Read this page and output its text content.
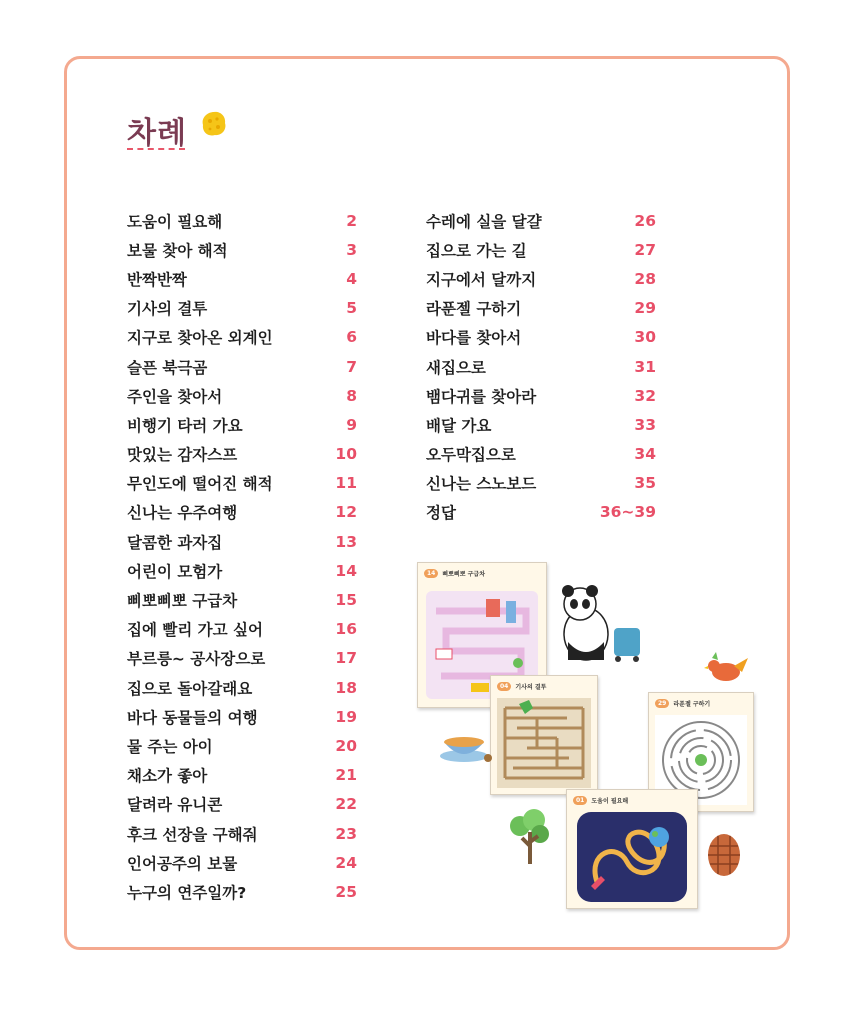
차례
도움이 필요해	2
보물 찾아 해적	3
반짝반짝	4
기사의 결투	5
지구로 찾아온 외계인	6
슬픈 북극곰	7
주인을 찾아서	8
비행기 타러 가요	9
맛있는 감자스프	10
무인도에 떨어진 해적	11
신나는 우주여행	12
달콤한 과자집	13
어린이 모험가	14
삐뽀삐뽀 구급차	15
집에 빨리 가고 싶어	16
부르릉~ 공사장으로	17
집으로 돌아갈래요	18
바다 동물들의 여행	19
물 주는 아이	20
채소가 좋아	21
달려라 유니콘	22
후크 선장을 구해줘	23
인어공주의 보물	24
누구의 연주일까?	25
수레에 실을 달걀	26
집으로 가는 길	27
지구에서 달까지	28
라푼젤 구하기	29
바다를 찾아서	30
새집으로	31
뱀다귀를 찾아라	32
배달 가요	33
오두막집으로	34
신나는 스노보드	35
정답	36~39
14	삐뽀삐뽀 구급차
04	기사의 결투
29	라푼젤 구하기
01	도움이 필요해
